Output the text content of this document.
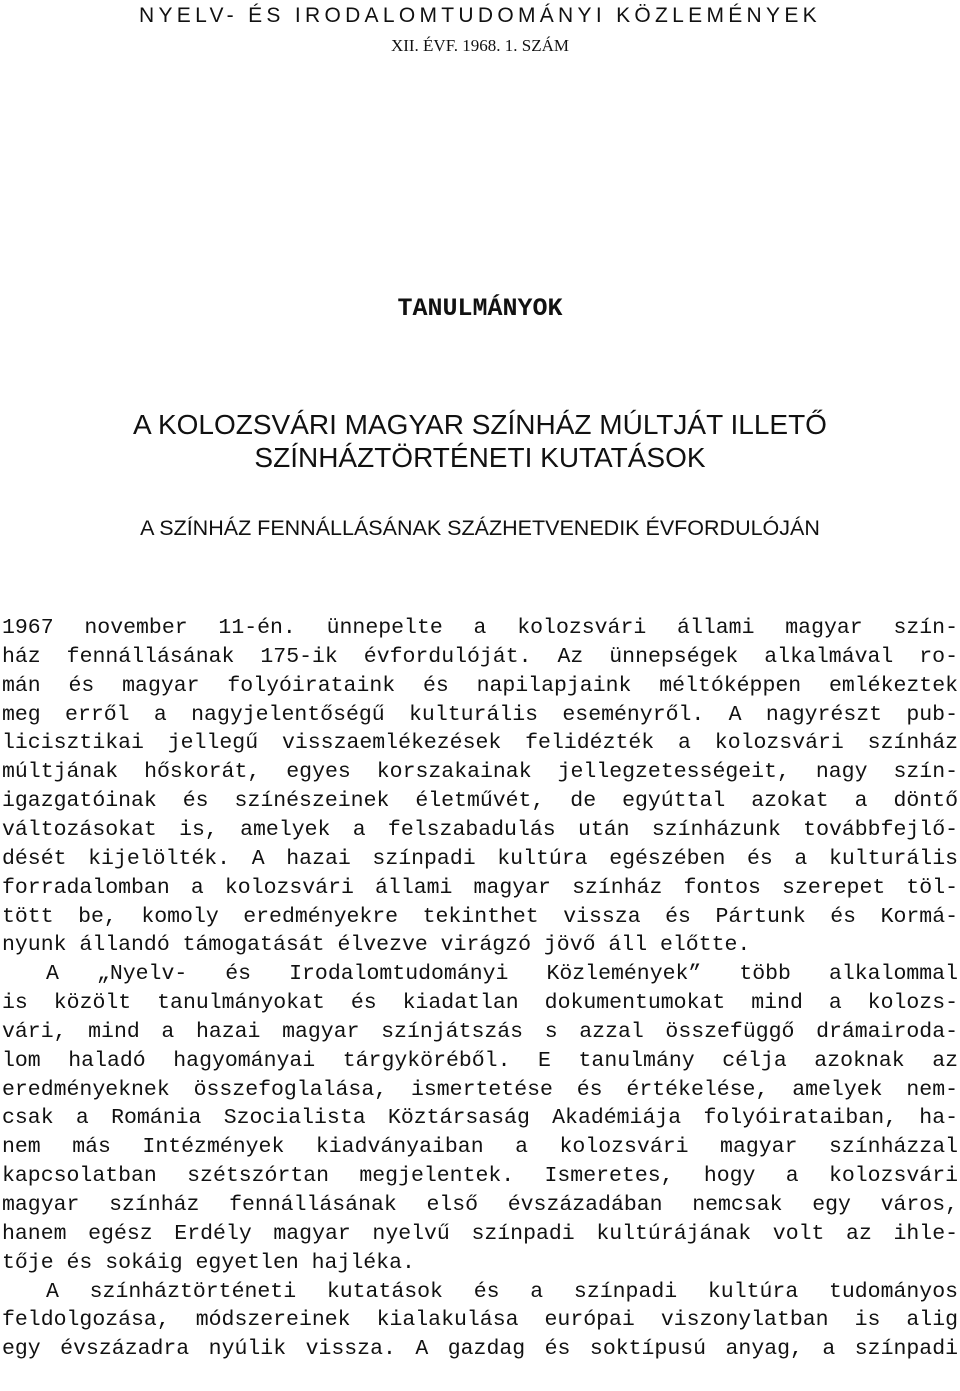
NYELV- ÉS IRODALOMTUDOMÁNYI KÖZLEMÉNYEK
XII. ÉVF. 1968. 1. SZÁM
TANULMÁNYOK
A KOLOZSVÁRI MAGYAR SZÍNHÁZ MÚLTJÁT ILLETŐ
SZÍNHÁZTÖRTÉNETI KUTATÁSOK
A SZÍNHÁZ FENNÁLLÁSÁNAK SZÁZHETVENEDIK ÉVFORDULÓJÁN
1967 november 11-én. ünnepelte a kolozsvári állami magyar szín-
ház fennállásának 175-ik évfordulóját. Az ünnepségek alkalmával ro-
mán és magyar folyóirataink és napilapjaink méltóképpen emlékeztek
meg erről a nagyjelentőségű kulturális eseményről. A nagyrészt pub-
licisztikai jellegű visszaemlékezések felidézték a kolozsvári színház
múltjának hőskorát, egyes korszakainak jellegzetességeit, nagy szín-
igazgatóinak és színészeinek életművét, de egyúttal azokat a döntő
változásokat is, amelyek a felszabadulás után színházunk továbbfejlő-
dését kijelölték. A hazai színpadi kultúra egészében és a kulturális
forradalomban a kolozsvári állami magyar színház fontos szerepet töl-
tött be, komoly eredményekre tekinthet vissza és Pártunk és Kormá-
nyunk állandó támogatását élvezve virágzó jövő áll előtte.
A „Nyelv- és Irodalomtudományi Közlemények” több alkalommal
is közölt tanulmányokat és kiadatlan dokumentumokat mind a kolozs-
vári, mind a hazai magyar színjátszás s azzal összefüggő drámairoda-
lom haladó hagyományai tárgyköréből. E tanulmány célja azoknak az
eredményeknek összefoglalása, ismertetése és értékelése, amelyek nem-
csak a Románia Szocialista Köztársaság Akadémiája folyóirataiban, ha-
nem más Intézmények kiadványaiban a kolozsvári magyar színházzal
kapcsolatban szétszórtan megjelentek. Ismeretes, hogy a kolozsvári
magyar színház fennállásának első évszázadában nemcsak egy város,
hanem egész Erdély magyar nyelvű színpadi kultúrájának volt az ihle-
tője és sokáig egyetlen hajléka.
A színháztörténeti kutatások és a színpadi kultúra tudományos
feldolgozása, módszereinek kialakulása európai viszonylatban is alig
egy évszázadra nyúlik vissza. A gazdag és soktípusú anyag, a színpadi
